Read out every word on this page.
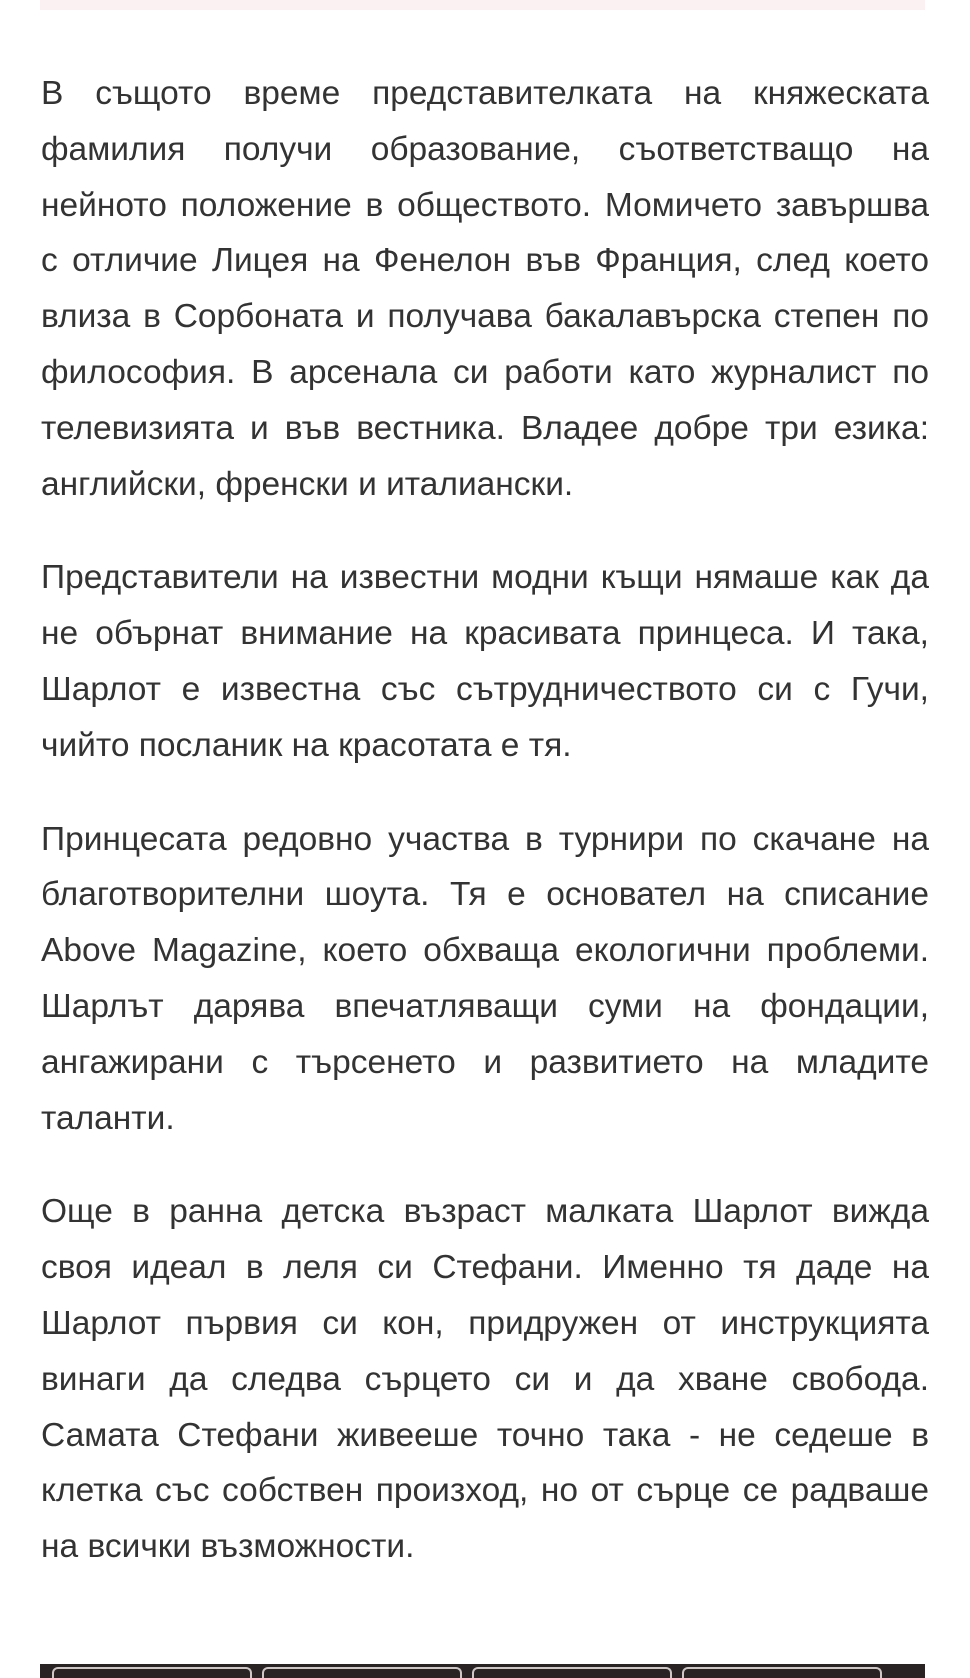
В същото време представителката на княжеската фамилия получи образование, съответстващо на нейното положение в обществото. Момичето завършва с отличие Лицея на Фенелон във Франция, след което влиза в Сорбоната и получава бакалавърска степен по философия. В арсенала си работи като журналист по телевизията и във вестника. Владее добре три езика: английски, френски и италиански.

Представители на известни модни къщи нямаше как да не обърнат внимание на красивата принцеса. И така, Шарлот е известна със сътрудничеството си с Гучи, чийто посланик на красотата е тя.

Принцесата редовно участва в турнири по скачане на благотворителни шоута. Тя е основател на списание Above Magazine, което обхваща екологични проблеми. Шарлът дарява впечатляващи суми на фондации, ангажирани с търсенето и развитието на младите таланти.

Още в ранна детска възраст малката Шарлот вижда своя идеал в леля си Стефани. Именно тя даде на Шарлот първия си кон, придружен от инструкцията винаги да следва сърцето си и да хване свобода. Самата Стефани живееше точно така - не седеше в клетка със собствен произход, но от сърце се радваше на всички възможности.
